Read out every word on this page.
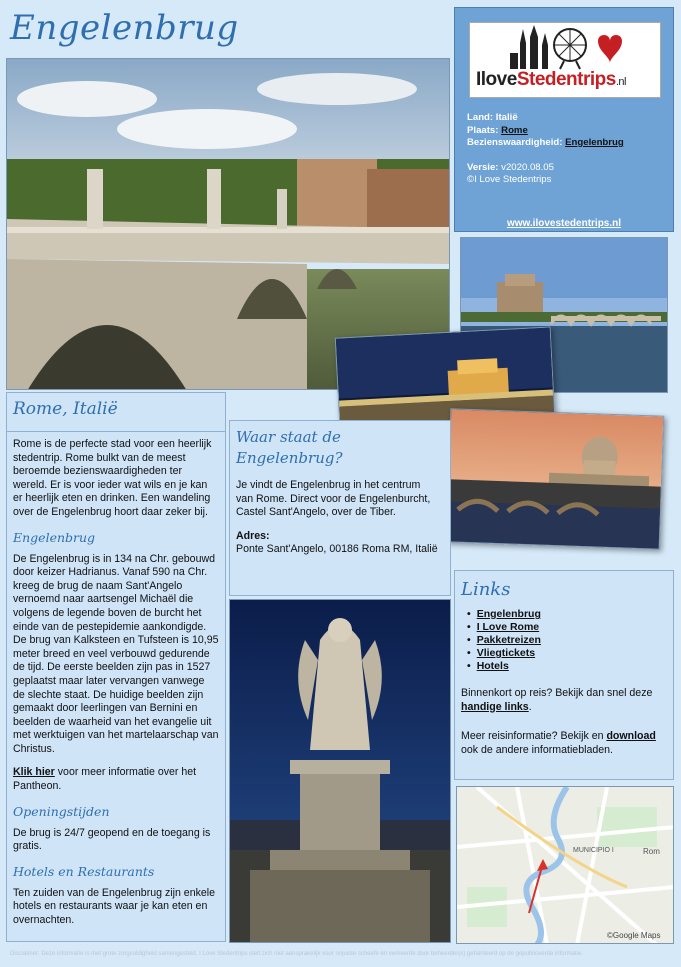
Engelenbrug
IloveStedentrips.nl
Land: Italië
Plaats: Rome
Bezienswaardigheid: Engelenbrug
Versie: v2020.08.05
©I Love Stedentrips
www.ilovestedentrips.nl
Rome, Italië

Rome is de perfecte stad voor een heerlijk stedentrip. Rome bulkt van de meest beroemde bezienswaardigheden ter wereld. Er is voor ieder wat wils en je kan er heerlijk eten en drinken. Een wandeling over de Engelenbrug hoort daar zeker bij.

Engelenbrug

De Engelenbrug is in 134 na Chr. gebouwd door keizer Hadrianus. Vanaf 590 na Chr. kreeg de brug de naam Sant'Angelo vernoemd naar aartsengel Michaël die volgens de legende boven de burcht het einde van de pestepidemie aankondigde. De brug van Kalksteen en Tufsteen is 10,95 meter breed en veel verbouwd gedurende de tijd. De eerste beelden zijn pas in 1527 geplaatst maar later vervangen vanwege de slechte staat. De huidige beelden zijn gemaakt door leerlingen van Bernini en beelden de waarheid van het evangelie uit met werktuigen van het martelaarschap van Christus.

Klik hier voor meer informatie over het Pantheon.

Openingstijden

De brug is 24/7 geopend en de toegang is gratis.

Hotels en Restaurants

Ten zuiden van de Engelenbrug zijn enkele hotels en restaurants waar je kan eten en overnachten.

Waar staat de Engelenbrug?

Je vindt de Engelenbrug in het centrum van Rome. Direct voor de Engelenburcht, Castel Sant'Angelo, over de Tiber.

Adres:
Ponte Sant'Angelo, 00186 Roma RM, Italië
Links
• Engelenbrug
• I Love Rome
• Pakketreizen
• Vliegtickets
• Hotels

Binnenkort op reis? Bekijk dan snel deze handige links.

Meer reisinformatie? Bekijk en download ook de andere informatiebladen.

MUNICIPIO I	Rom
©Google Maps
Disclaimer: Deze informatie is met grote zorgvuldigheid samengesteld. I Love Stedentrips stelt zich niet aansprakelijk voor onjuiste scheefe en verkeerde door beheerder(s) gehanteerd op de gepubliceerde informatie.
